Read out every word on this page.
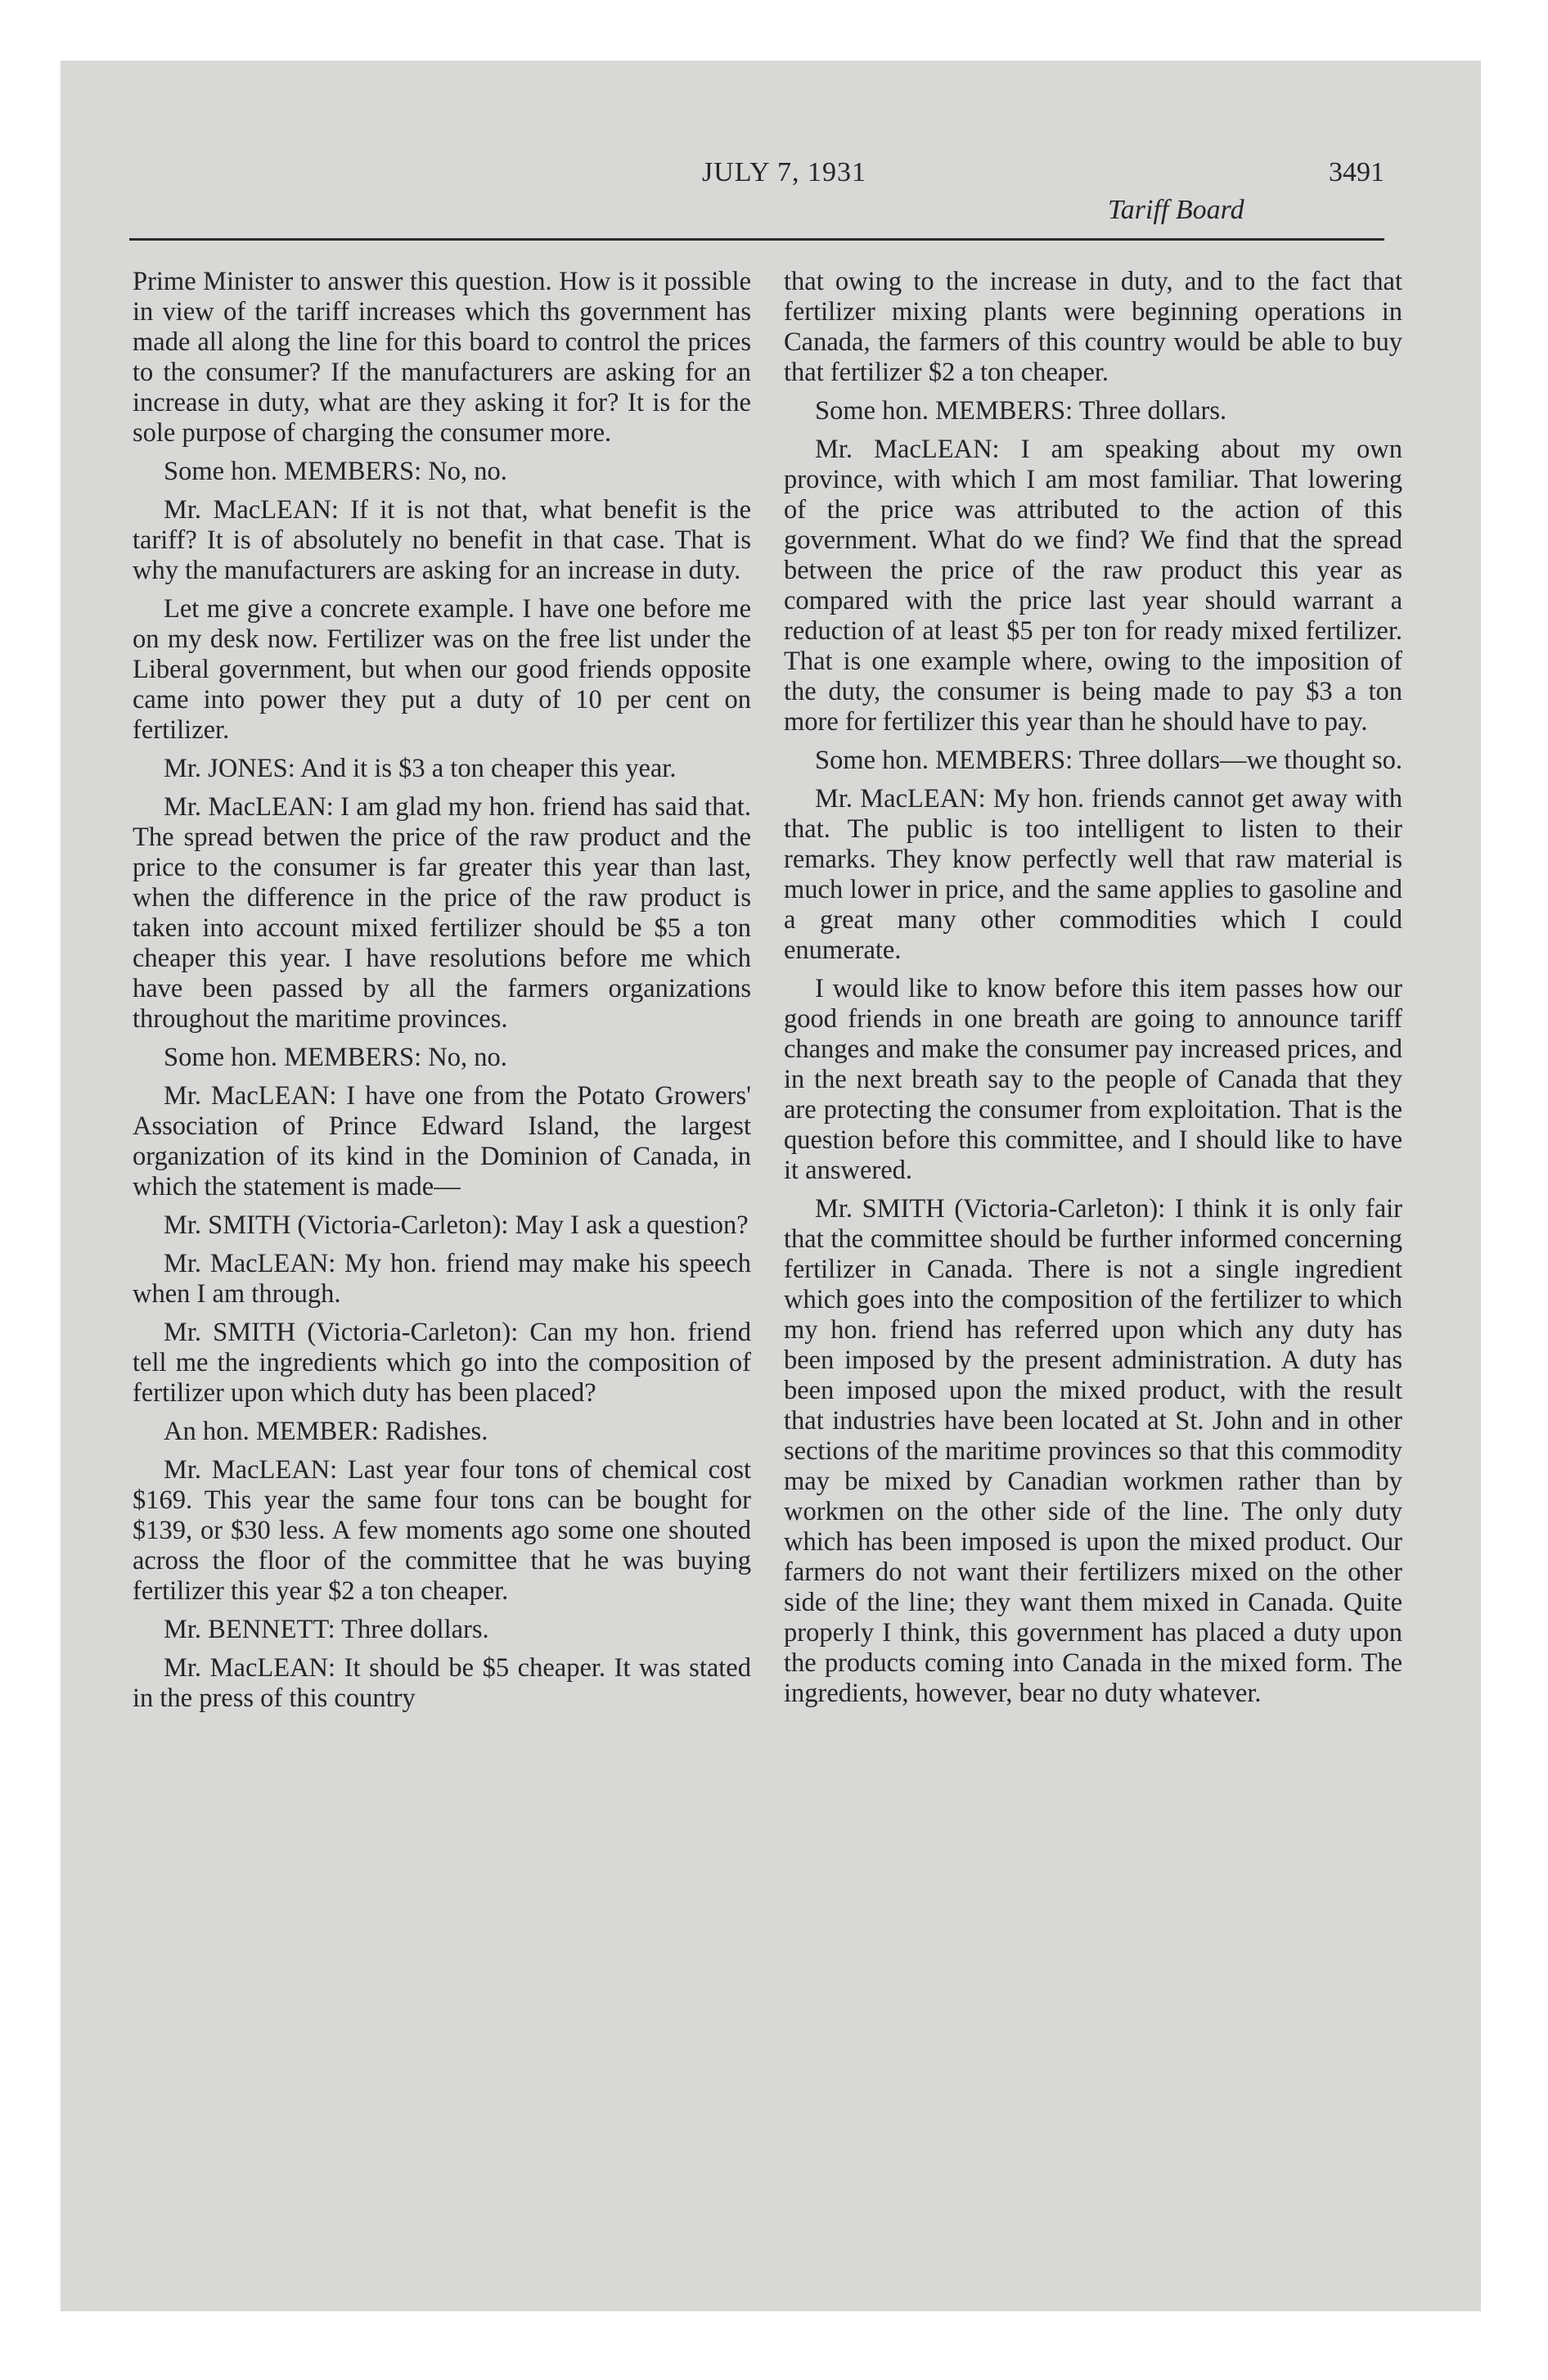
JULY 7, 1931
Tariff Board
3491

Prime Minister to answer this question. How is it possible in view of the tariff increases which ths government has made all along the line for this board to control the prices to the consumer? If the manufacturers are asking for an increase in duty, what are they asking it for? It is for the sole purpose of charging the consumer more.

Some hon. MEMBERS: No, no.

Mr. MacLEAN: If it is not that, what benefit is the tariff? It is of absolutely no benefit in that case. That is why the manufacturers are asking for an increase in duty.

Let me give a concrete example. I have one before me on my desk now. Fertilizer was on the free list under the Liberal government, but when our good friends opposite came into power they put a duty of 10 per cent on fertilizer.

Mr. JONES: And it is $3 a ton cheaper this year.

Mr. MacLEAN: I am glad my hon. friend has said that. The spread betwen the price of the raw product and the price to the consumer is far greater this year than last, when the difference in the price of the raw product is taken into account mixed fertilizer should be $5 a ton cheaper this year. I have resolutions before me which have been passed by all the farmers organizations throughout the maritime provinces.

Some hon. MEMBERS: No, no.

Mr. MacLEAN: I have one from the Potato Growers' Association of Prince Edward Island, the largest organization of its kind in the Dominion of Canada, in which the statement is made—

Mr. SMITH (Victoria-Carleton): May I ask a question?

Mr. MacLEAN: My hon. friend may make his speech when I am through.

Mr. SMITH (Victoria-Carleton): Can my hon. friend tell me the ingredients which go into the composition of fertilizer upon which duty has been placed?

An hon. MEMBER: Radishes.

Mr. MacLEAN: Last year four tons of chemical cost $169. This year the same four tons can be bought for $139, or $30 less. A few moments ago some one shouted across the floor of the committee that he was buying fertilizer this year $2 a ton cheaper.

Mr. BENNETT: Three dollars.

Mr. MacLEAN: It should be $5 cheaper. It was stated in the press of this country

that owing to the increase in duty, and to the fact that fertilizer mixing plants were beginning operations in Canada, the farmers of this country would be able to buy that fertilizer $2 a ton cheaper.

Some hon. MEMBERS: Three dollars.

Mr. MacLEAN: I am speaking about my own province, with which I am most familiar. That lowering of the price was attributed to the action of this government. What do we find? We find that the spread between the price of the raw product this year as compared with the price last year should warrant a reduction of at least $5 per ton for ready mixed fertilizer. That is one example where, owing to the imposition of the duty, the consumer is being made to pay $3 a ton more for fertilizer this year than he should have to pay.

Some hon. MEMBERS: Three dollars—we thought so.

Mr. MacLEAN: My hon. friends cannot get away with that. The public is too intelligent to listen to their remarks. They know perfectly well that raw material is much lower in price, and the same applies to gasoline and a great many other commodities which I could enumerate.

I would like to know before this item passes how our good friends in one breath are going to announce tariff changes and make the consumer pay increased prices, and in the next breath say to the people of Canada that they are protecting the consumer from exploitation. That is the question before this committee, and I should like to have it answered.

Mr. SMITH (Victoria-Carleton): I think it is only fair that the committee should be further informed concerning fertilizer in Canada. There is not a single ingredient which goes into the composition of the fertilizer to which my hon. friend has referred upon which any duty has been imposed by the present administration. A duty has been imposed upon the mixed product, with the result that industries have been located at St. John and in other sections of the maritime provinces so that this commodity may be mixed by Canadian workmen rather than by workmen on the other side of the line. The only duty which has been imposed is upon the mixed product. Our farmers do not want their fertilizers mixed on the other side of the line; they want them mixed in Canada. Quite properly I think, this government has placed a duty upon the products coming into Canada in the mixed form. The ingredients, however, bear no duty whatever.
